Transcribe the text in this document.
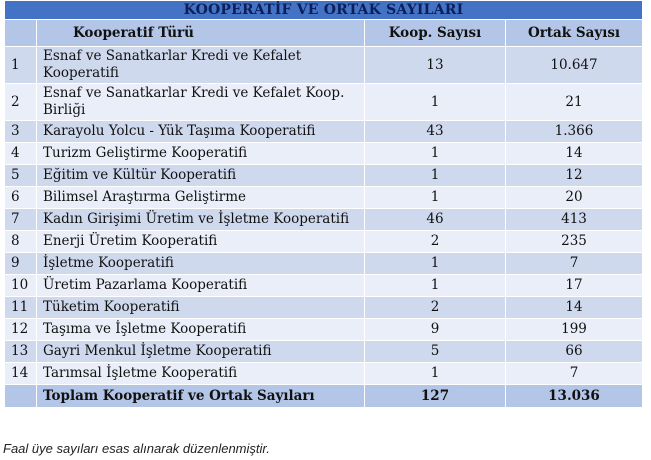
KOOPERATİF VE ORTAK SAYILARI			
	Kooperatif Türü	Koop. Sayısı	Ortak Sayısı
1	Esnaf ve Sanatkarlar Kredi ve Kefalet Kooperatifi	13	10.647
2	Esnaf ve Sanatkarlar Kredi ve Kefalet Koop. Birliği	1	21
3	Karayolu Yolcu - Yük Taşıma Kooperatifi	43	1.366
4	Turizm Geliştirme Kooperatifi	1	14
5	Eğitim ve Kültür Kooperatifi	1	12
6	Bilimsel Araştırma Geliştirme	1	20
7	Kadın Girişimi Üretim ve İşletme Kooperatifi	46	413
8	Enerji Üretim Kooperatifi	2	235
9	İşletme Kooperatifi	1	7
10	Üretim Pazarlama Kooperatifi	1	17
11	Tüketim Kooperatifi	2	14
12	Taşıma ve İşletme Kooperatifi	9	199
13	Gayri Menkul İşletme Kooperatifi	5	66
14	Tarımsal İşletme Kooperatifi	1	7
	Toplam Kooperatif ve Ortak Sayıları	127	13.036
Faal üye sayıları esas alınarak düzenlenmiştir.
